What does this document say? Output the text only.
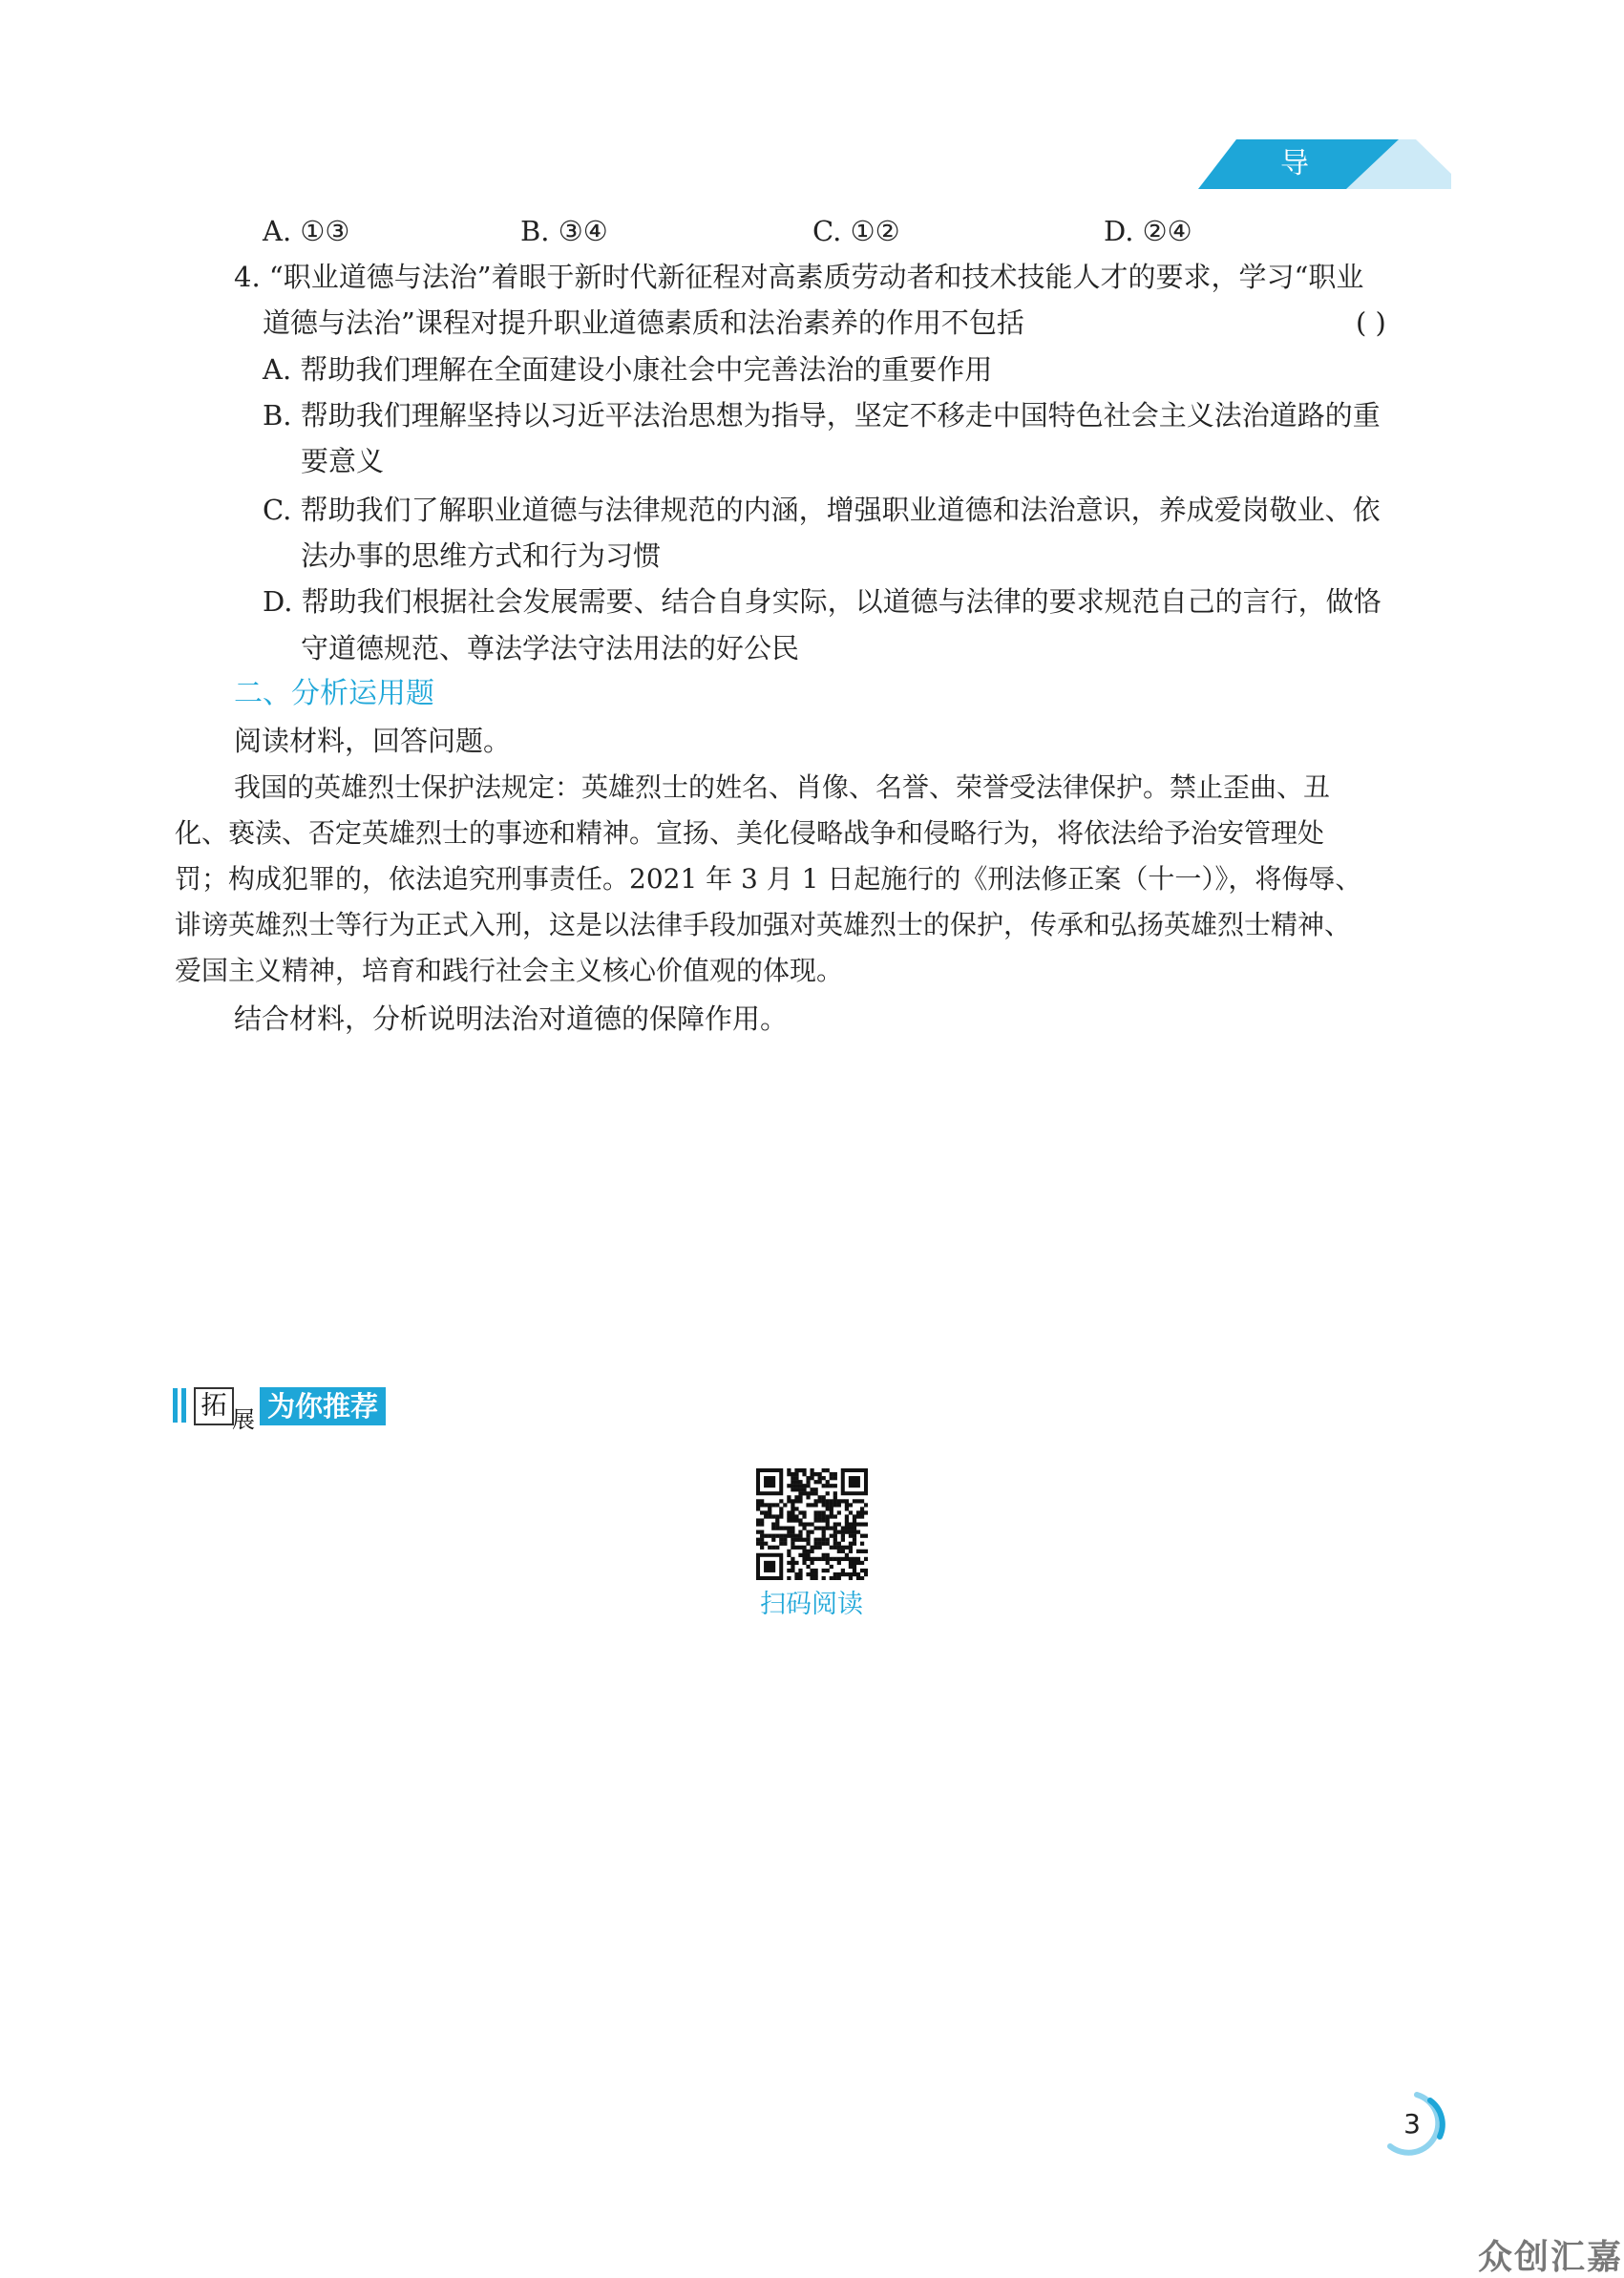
导 言
A. ①③	B. ③④	C. ①②	D. ②④
4. “职业道德与法治”着眼于新时代新征程对高素质劳动者和技术技能人才的要求，学习“职业
道德与法治”课程对提升职业道德素质和法治素养的作用不包括	( )
A. 帮助我们理解在全面建设小康社会中完善法治的重要作用
B. 帮助我们理解坚持以习近平法治思想为指导，坚定不移走中国特色社会主义法治道路的重
要意义
C. 帮助我们了解职业道德与法律规范的内涵，增强职业道德和法治意识，养成爱岗敬业、依
法办事的思维方式和行为习惯
D. 帮助我们根据社会发展需要、结合自身实际，以道德与法律的要求规范自己的言行，做恪
守道德规范、尊法学法守法用法的好公民
二、分析运用题
阅读材料，回答问题。
我国的英雄烈士保护法规定：英雄烈士的姓名、肖像、名誉、荣誉受法律保护。禁止歪曲、丑
化、亵渎、否定英雄烈士的事迹和精神。宣扬、美化侵略战争和侵略行为，将依法给予治安管理处
罚；构成犯罪的，依法追究刑事责任。2021 年 3 月 1 日起施行的《刑法修正案（十一）》，将侮辱、
诽谤英雄烈士等行为正式入刑，这是以法律手段加强对英雄烈士的保护，传承和弘扬英雄烈士精神、
爱国主义精神，培育和践行社会主义核心价值观的体现。
结合材料，分析说明法治对道德的保障作用。
拓 展 为你推荐
扫码阅读
3
众创汇嘉
